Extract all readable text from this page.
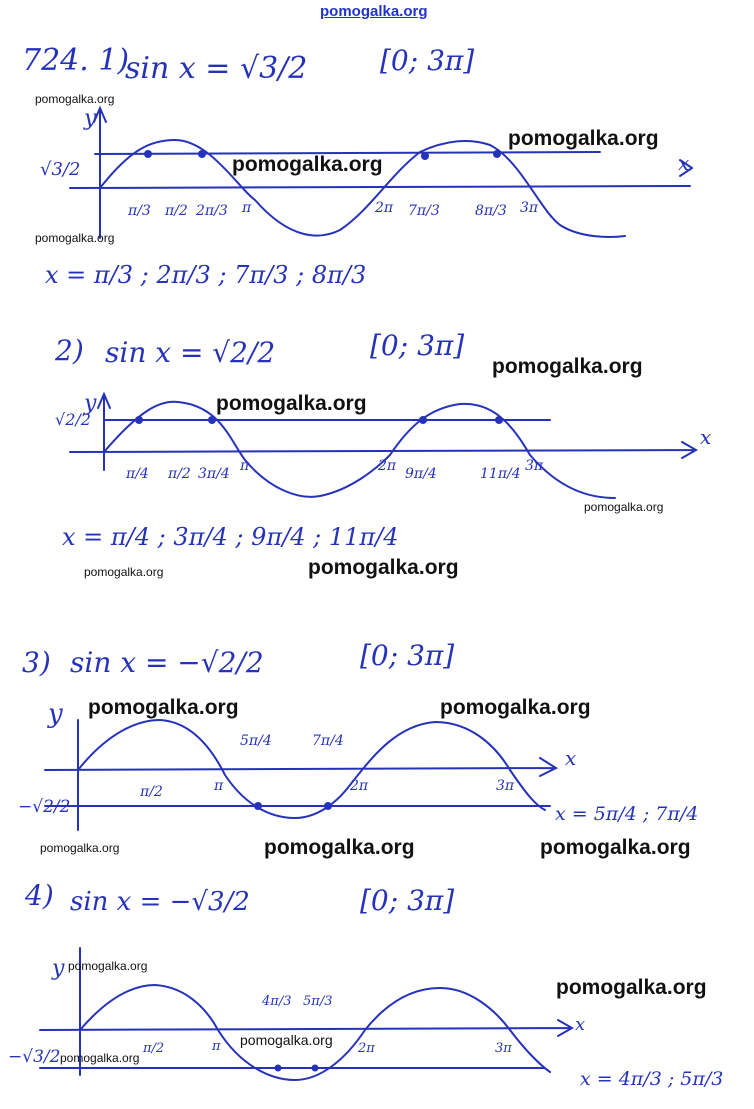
y
x
y
x
y
x
y
x
724. 1)
sin x = √3/2	[0; 3π]
√3/2
x = π/3 ; 2π/3 ; 7π/3 ; 8π/3
2) sin x = √2/2	[0; 3π]
√2/2
x = π/4 ; 3π/4 ; 9π/4 ; 11π/4
3) sin x = −√2/2	[0; 3π]
−√2/2	x = 5π/4 ; 7π/4
4) sin x = −√3/2	[0; 3π]
−√3/2
x = 4π/3 ; 5π/3
π/3 π/2 2π/3 π	2π 7π/3	8π/3 3π
π/4 π/2 3π/4 π	2π 9π/4	11π/4 3π
π/2	π
5π/4	7π/4
2π	3π
π/2	π
4π/3 5π/3
2π	3π
pomogalka.org
pomogalka.org
pomogalka.org
pomogalka.org
pomogalka.org
pomogalka.org
pomogalka.org
pomogalka.org
pomogalka.org
pomogalka.org
pomogalka.org	pomogalka.org
pomogalka.org	pomogalka.org	pomogalka.org
pomogalka.org
pomogalka.org
pomogalka.org
pomogalka.org
